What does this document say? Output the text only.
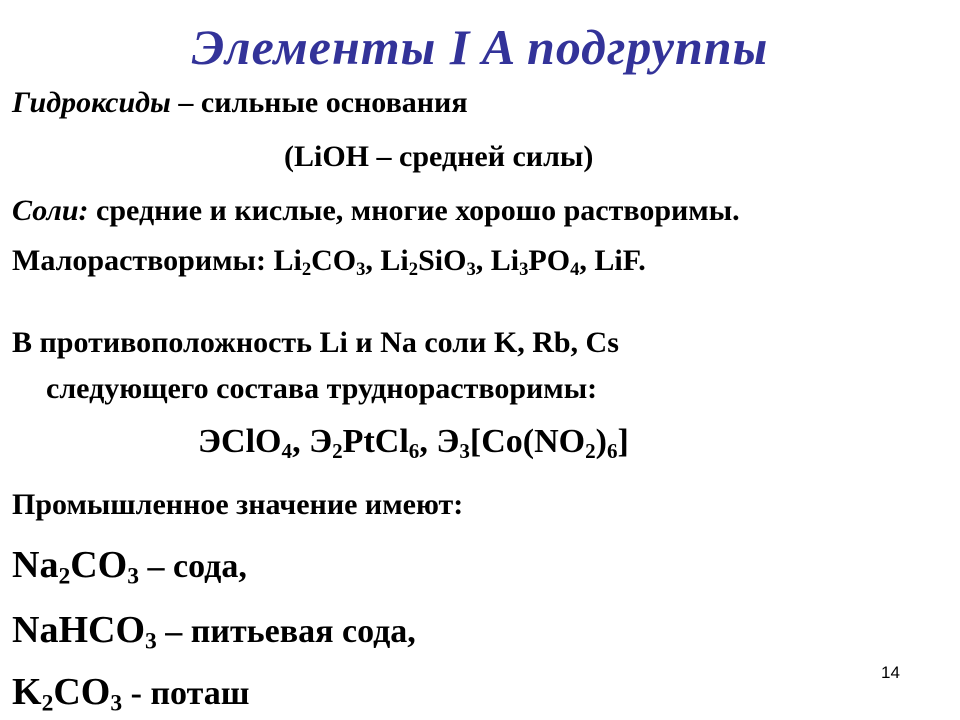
Элементы I A подгруппы
Гидроксиды – сильные основания
(LiOH – средней силы)
Соли: средние и кислые, многие хорошо растворимы.
Малорастворимы: $Li_2CO_3$, $Li_2SiO_3$, $Li_3PO_4$, LiF.
В противоположность Li и Na соли K, Rb, Cs
следующего состава труднорастворимы:
ЭClO$_4$, $Э_2PtCl_6$, $Э_3[Co(NO_2)_6]$
Промышленное значение имеют:
$Na_2CO_3$ – сода,
NaHCO$_3$ – питьевая сода,
$K_2CO_3$ - поташ
14
